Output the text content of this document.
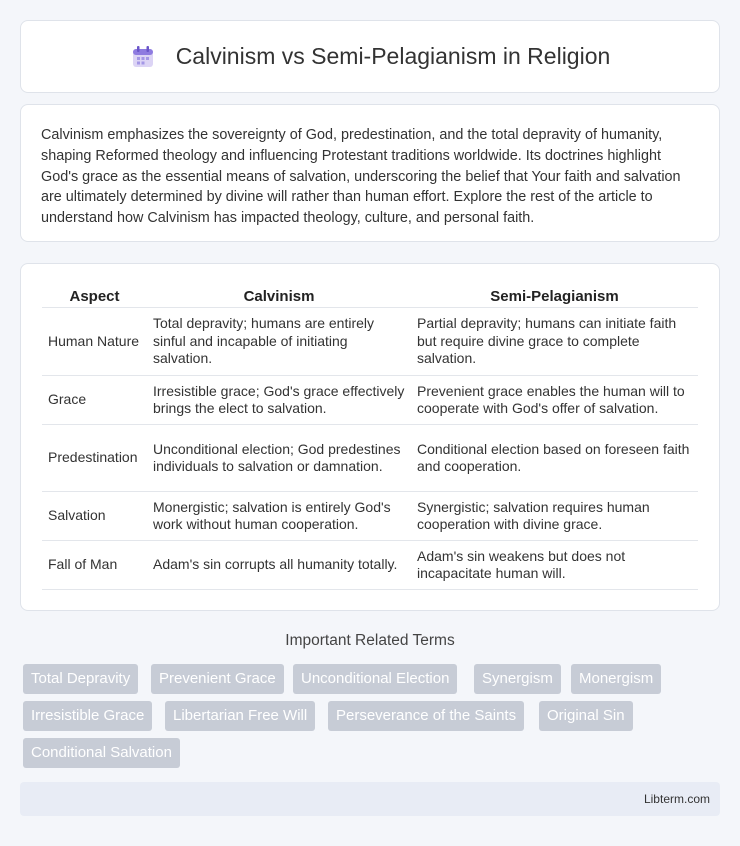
Calvinism vs Semi-Pelagianism in Religion

Calvinism emphasizes the sovereignty of God, predestination, and the total depravity of humanity, shaping Reformed theology and influencing Protestant traditions worldwide. Its doctrines highlight God's grace as the essential means of salvation, underscoring the belief that Your faith and salvation are ultimately determined by divine will rather than human effort. Explore the rest of the article to understand how Calvinism has impacted theology, culture, and personal faith.

Aspect	Calvinism	Semi-Pelagianism
Human Nature	Total depravity; humans are entirely sinful and incapable of initiating salvation.	Partial depravity; humans can initiate faith but require divine grace to complete salvation.
Grace	Irresistible grace; God's grace effectively brings the elect to salvation.	Prevenient grace enables the human will to cooperate with God's offer of salvation.
Predestination	Unconditional election; God predestines individuals to salvation or damnation.	Conditional election based on foreseen faith and cooperation.
Salvation	Monergistic; salvation is entirely God's work without human cooperation.	Synergistic; salvation requires human cooperation with divine grace.
Fall of Man	Adam's sin corrupts all humanity totally.	Adam's sin weakens but does not incapacitate human will.
Important Related Terms
Total Depravity	Prevenient Grace	Unconditional Election	Synergism	Monergism
Irresistible Grace	Libertarian Free Will	Perseverance of the Saints	Original Sin
Conditional Salvation
Libterm.com
